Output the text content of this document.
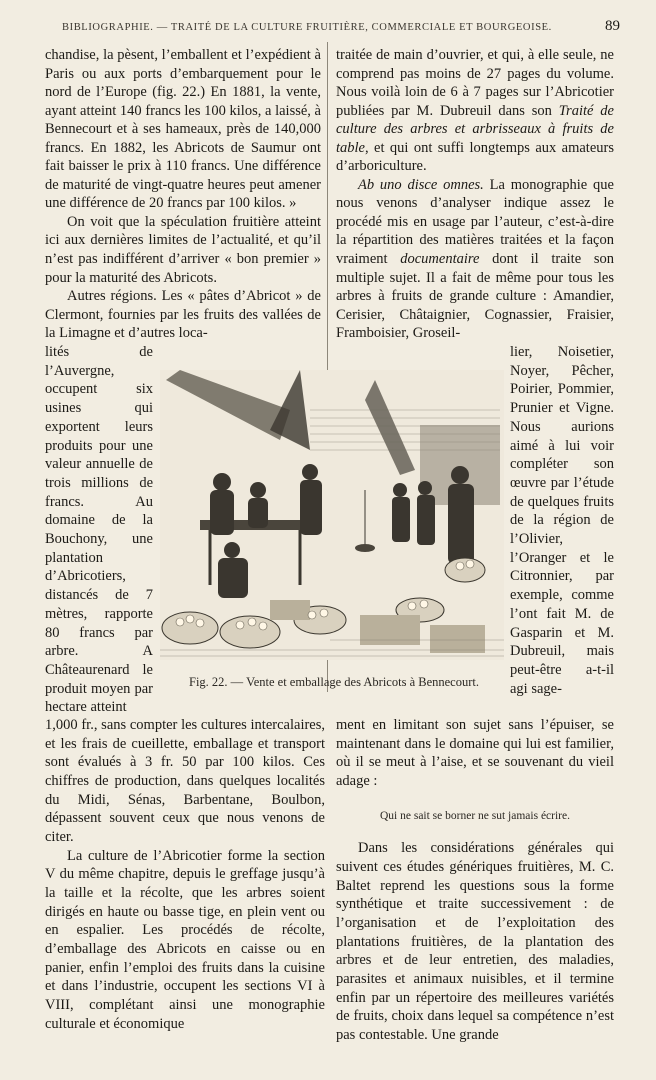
BIBLIOGRAPHIE. — TRAITÉ DE LA CULTURE FRUITIÈRE, COMMERCIALE ET BOURGEOISE.	89

chandise, la pèsent, l’emballent et l’expédient à Paris ou aux ports d’embarquement pour le nord de l’Europe (fig. 22.) En 1881, la vente, ayant atteint 140 francs les 100 kilos, a laissé, à Bennecourt et à ses hameaux, près de 140,000 francs. En 1882, les Abricots de Saumur ont fait baisser le prix à 110 francs. Une différence de maturité de vingt-quatre heures peut amener une différence de 20 francs par 100 kilos. »

On voit que la spéculation fruitière atteint ici aux dernières limites de l’actualité, et qu’il n’est pas indifférent d’arriver « bon premier » pour la maturité des Abricots.

Autres régions. Les « pâtes d’Abricot » de Clermont, fournies par les fruits des vallées de la Limagne et d’autres loca-

lités de l’Auvergne, occupent six usines qui exportent leurs produits pour une valeur annuelle de trois millions de francs. Au domaine de la Bouchony, une plantation d’Abricotiers, distancés de 7 mètres, rapporte 80 francs par arbre. A Châteaurenard le produit moyen par hectare atteint

traitée de main d’ouvrier, et qui, à elle seule, ne comprend pas moins de 27 pages du volume. Nous voilà loin de 6 à 7 pages sur l’Abricotier publiées par M. Dubreuil dans son Traité de culture des arbres et arbrisseaux à fruits de table, et qui ont suffi longtemps aux amateurs d’arboriculture.

Ab uno disce omnes. La monographie que nous venons d’analyser indique assez le procédé mis en usage par l’auteur, c’est-à-dire la répartition des matières traitées et la façon vraiment documentaire dont il traite son multiple sujet. Il a fait de même pour tous les arbres à fruits de grande culture : Amandier, Cerisier, Châtaignier, Cognassier, Fraisier, Framboisier, Groseil-

lier, Noisetier, Noyer, Pêcher, Poirier, Pommier, Prunier et Vigne. Nous aurions aimé à lui voir compléter son œuvre par l’étude de quelques fruits de la région de l’Olivier, l’Oranger et le Citronnier, par exemple, comme l’ont fait M. de Gasparin et M. Dubreuil, mais peut-être a-t-il agi sage-

Fig. 22. — Vente et emballage des Abricots à Bennecourt.

1,000 fr., sans compter les cultures intercalaires, et les frais de cueillette, emballage et transport sont évalués à 3 fr. 50 par 100 kilos. Ces chiffres de production, dans quelques localités du Midi, Sénas, Barbentane, Boulbon, dépassent souvent ceux que nous venons de citer.

La culture de l’Abricotier forme la section V du même chapitre, depuis le greffage jusqu’à la taille et la récolte, que les arbres soient dirigés en haute ou basse tige, en plein vent ou en espalier. Les procédés de récolte, d’emballage des Abricots en caisse ou en panier, enfin l’emploi des fruits dans la cuisine et dans l’industrie, occupent les sections VI à VIII, complétant ainsi une monographie culturale et économique

ment en limitant son sujet sans l’épuiser, se maintenant dans le domaine qui lui est familier, où il se meut à l’aise, et se souvenant du vieil adage :

Qui ne sait se borner ne sut jamais écrire.

Dans les considérations générales qui suivent ces études génériques fruitières, M. C. Baltet reprend les questions sous la forme synthétique et traite successivement : de l’organisation et de l’exploitation des plantations fruitières, de la plantation des arbres et de leur entretien, des maladies, parasites et animaux nuisibles, et il termine enfin par un répertoire des meilleures variétés de fruits, choix dans lequel sa compétence n’est pas contestable. Une grande
